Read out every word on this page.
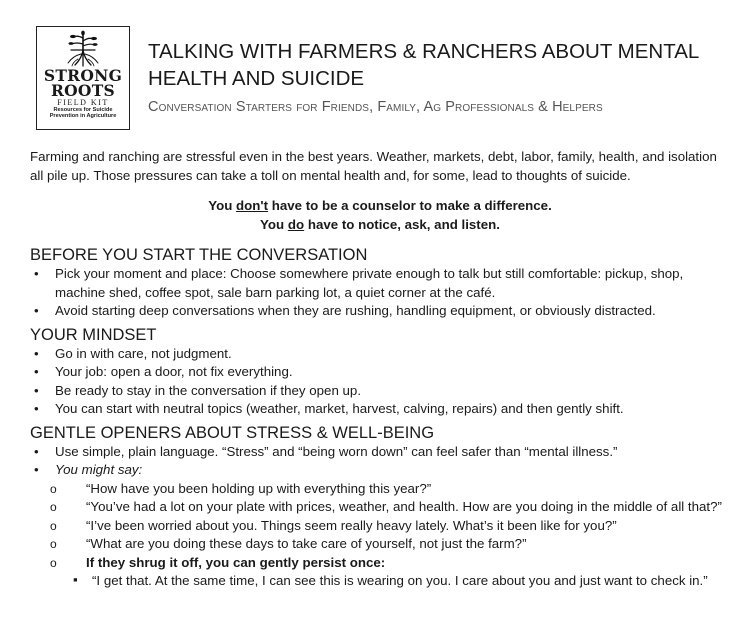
STRONG
ROOTS
FIELD KIT
Resources for Suicide
Prevention in Agriculture
TALKING WITH FARMERS & RANCHERS ABOUT MENTAL HEALTH AND SUICIDE
Conversation Starters for Friends, Family, Ag Professionals & Helpers

Farming and ranching are stressful even in the best years. Weather, markets, debt, labor, family, health, and isolation all pile up. Those pressures can take a toll on mental health and, for some, lead to thoughts of suicide.

You don't have to be a counselor to make a difference.
You do have to notice, ask, and listen.
BEFORE YOU START THE CONVERSATION
• Pick your moment and place: Choose somewhere private enough to talk but still comfortable: pickup, shop, machine shed, coffee spot, sale barn parking lot, a quiet corner at the café.
• Avoid starting deep conversations when they are rushing, handling equipment, or obviously distracted.
YOUR MINDSET
• Go in with care, not judgment.
• Your job: open a door, not fix everything.
• Be ready to stay in the conversation if they open up.
• You can start with neutral topics (weather, market, harvest, calving, repairs) and then gently shift.
GENTLE OPENERS ABOUT STRESS & WELL-BEING
• Use simple, plain language. “Stress” and “being worn down” can feel safer than “mental illness.”
• You might say:
o “How have you been holding up with everything this year?”
o “You’ve had a lot on your plate with prices, weather, and health. How are you doing in the middle of all that?”
o “I’ve been worried about you. Things seem really heavy lately. What’s it been like for you?”
o “What are you doing these days to take care of yourself, not just the farm?”
o If they shrug it off, you can gently persist once:
▪ “I get that. At the same time, I can see this is wearing on you. I care about you and just want to check in.”
